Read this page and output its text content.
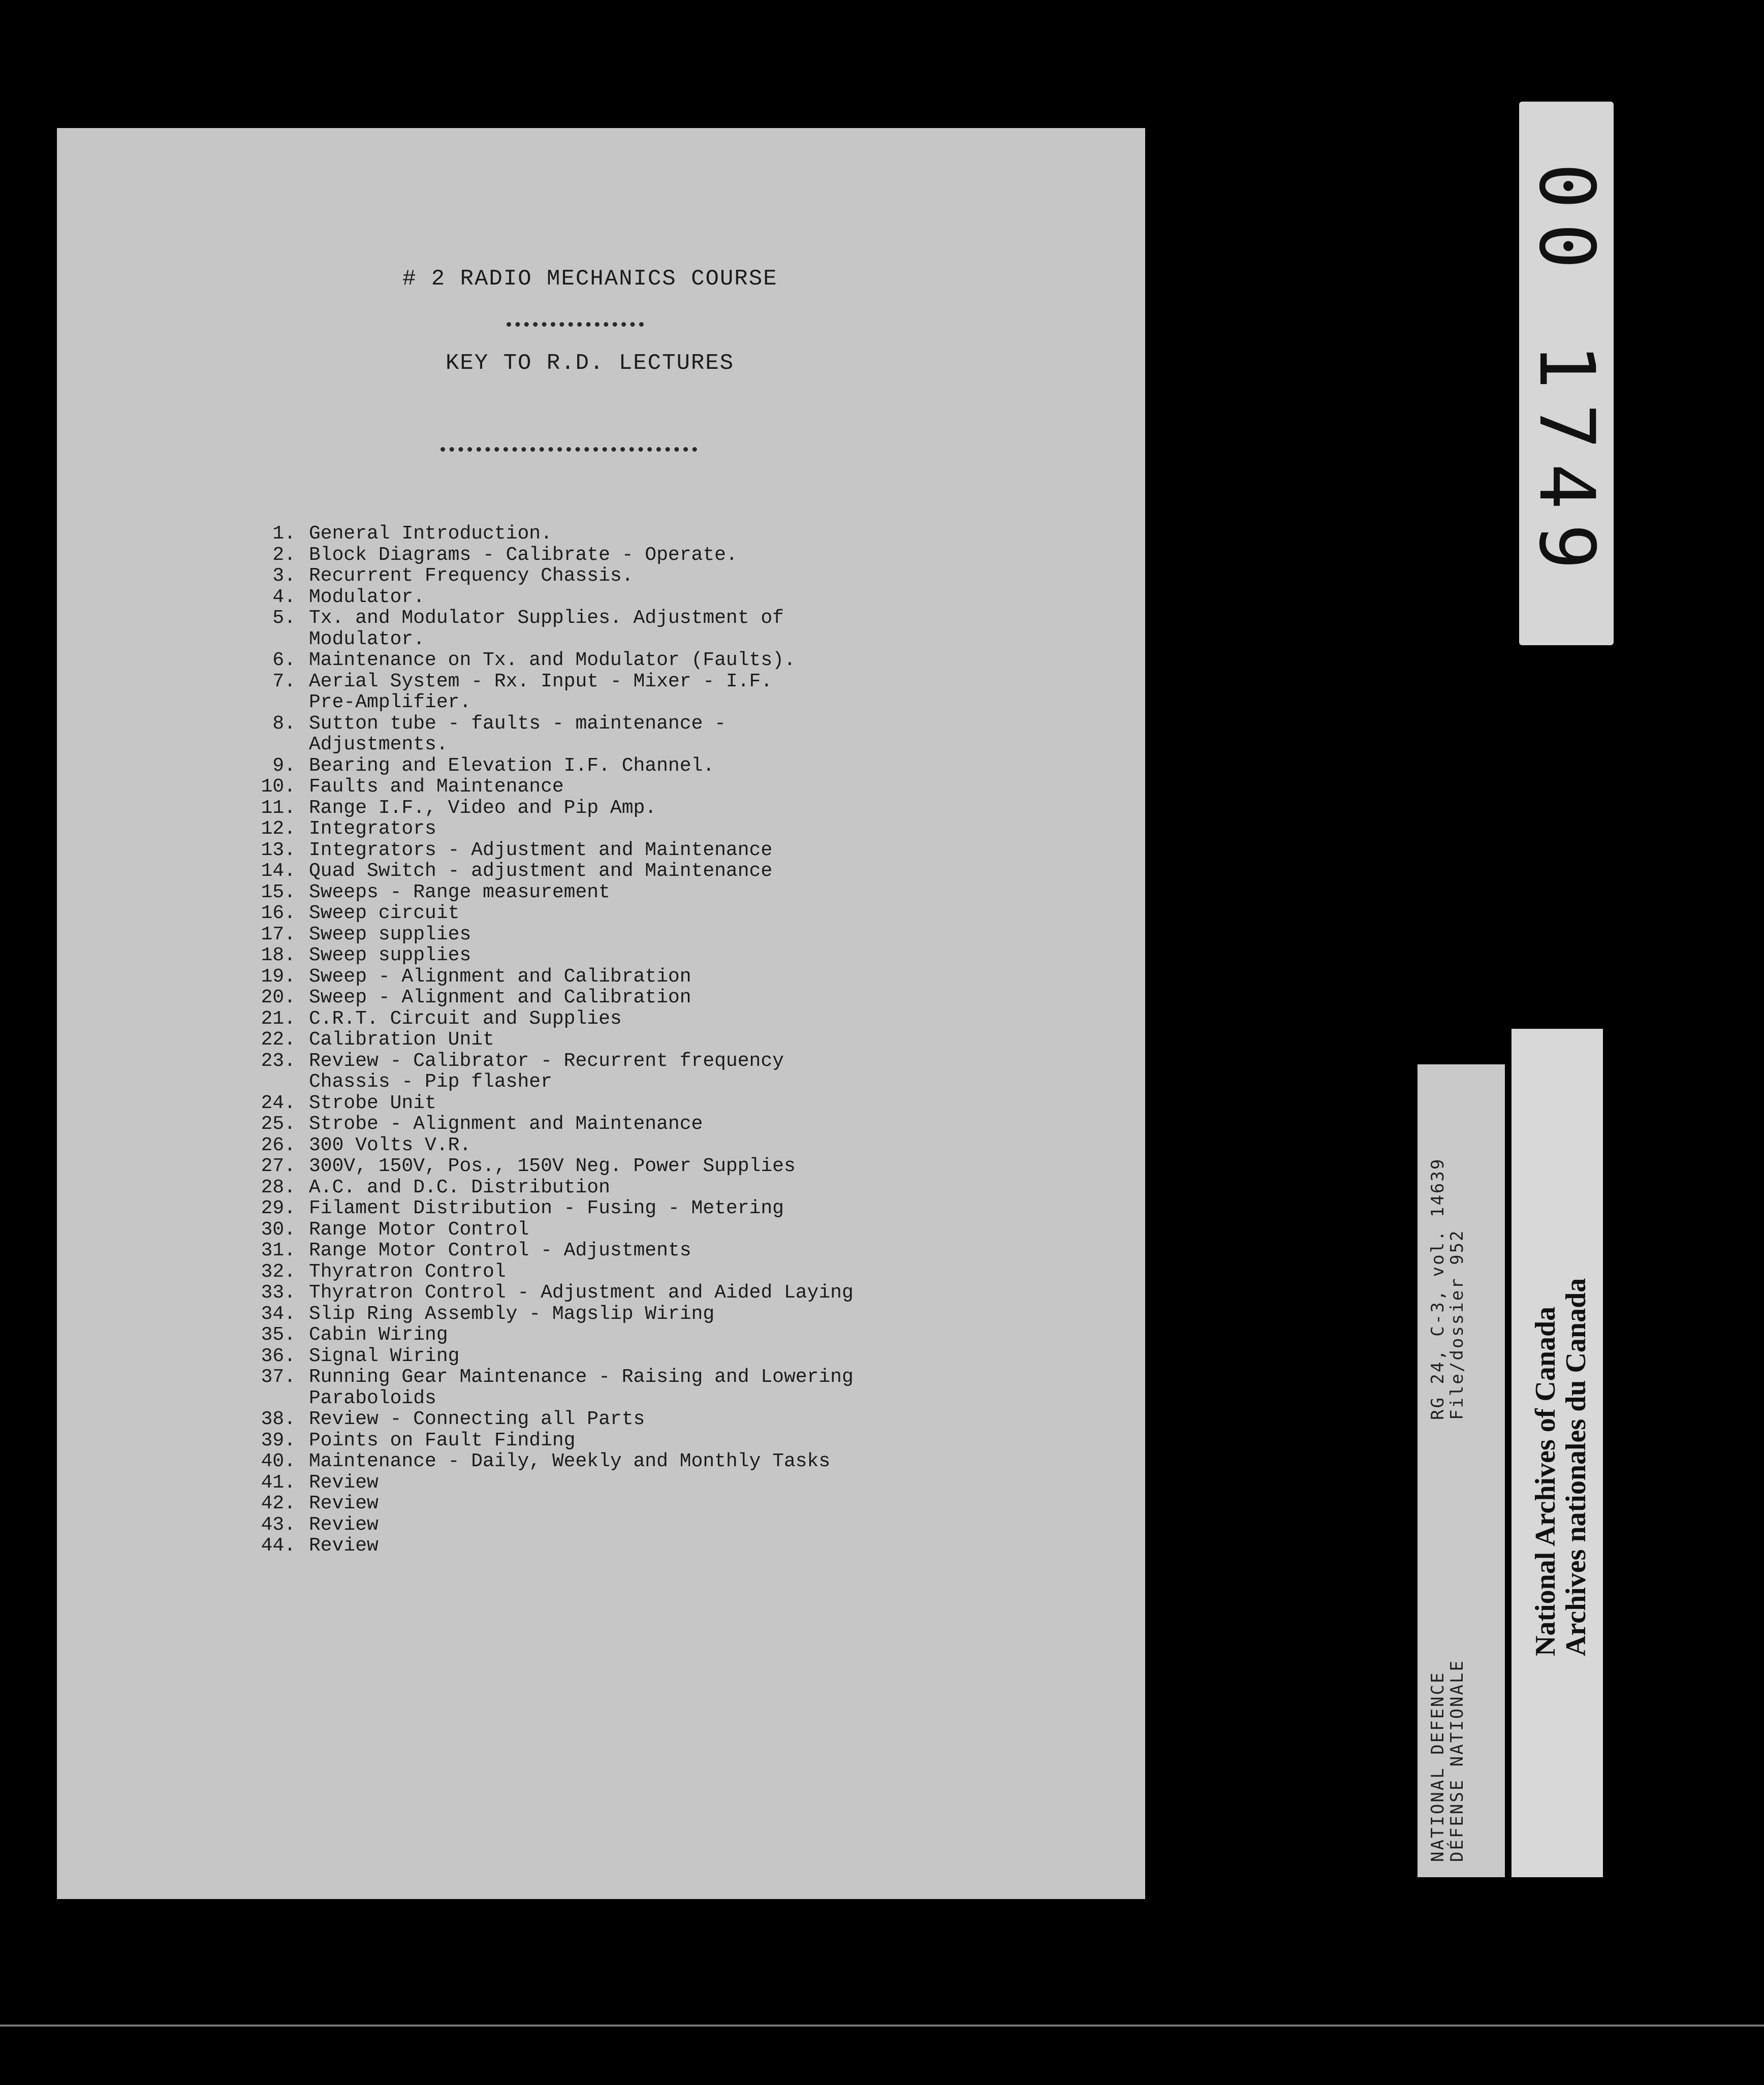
# 2 RADIO MECHANICS COURSE
KEY TO R.D. LECTURES
1. General Introduction.
2. Block Diagrams - Calibrate - Operate.
3. Recurrent Frequency Chassis.
4. Modulator.
5. Tx. and Modulator Supplies. Adjustment of
Modulator.
6. Maintenance on Tx. and Modulator (Faults).
7. Aerial System - Rx. Input - Mixer - I.F.
Pre-Amplifier.
8. Sutton tube - faults - maintenance -
Adjustments.
9. Bearing and Elevation I.F. Channel.
10. Faults and Maintenance
11. Range I.F., Video and Pip Amp.
12. Integrators
13. Integrators - Adjustment and Maintenance
14. Quad Switch - adjustment and Maintenance
15. Sweeps - Range measurement
16. Sweep circuit
17. Sweep supplies
18. Sweep supplies
19. Sweep - Alignment and Calibration
20. Sweep - Alignment and Calibration
21. C.R.T. Circuit and Supplies
22. Calibration Unit
23. Review - Calibrator - Recurrent frequency
Chassis - Pip flasher
24. Strobe Unit
25. Strobe - Alignment and Maintenance
26. 300 Volts V.R.
27. 300V, 150V, Pos., 150V Neg. Power Supplies
28. A.C. and D.C. Distribution
29. Filament Distribution - Fusing - Metering
30. Range Motor Control
31. Range Motor Control - Adjustments
32. Thyratron Control
33. Thyratron Control - Adjustment and Aided Laying
34. Slip Ring Assembly - Magslip Wiring
35. Cabin Wiring
36. Signal Wiring
37. Running Gear Maintenance - Raising and Lowering
Paraboloids
38. Review - Connecting all Parts
39. Points on Fault Finding
40. Maintenance - Daily, Weekly and Monthly Tasks
41. Review
42. Review
43. Review
44. Review
00 1749
NATIONAL DEFENCE
DÉFENSE NATIONALE
RG 24, C-3, vol. 14639
File/dossier 952 National Archives of Canada
Archives nationales du Canada
